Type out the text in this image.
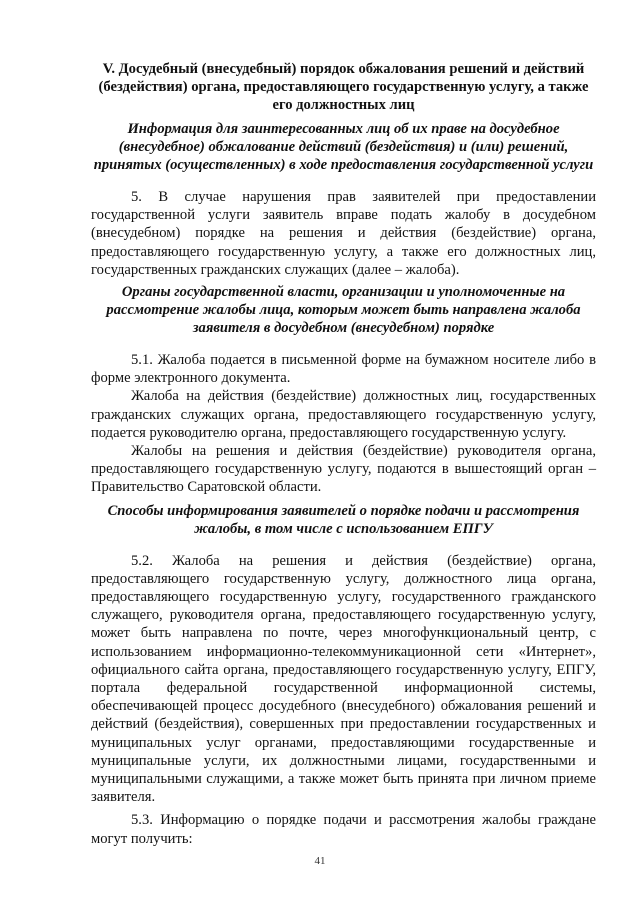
V. Досудебный (внесудебный) порядок обжалования решений и действий (бездействия) органа, предоставляющего государственную услугу, а также его должностных лиц
Информация для заинтересованных лиц об их праве на досудебное (внесудебное) обжалование действий (бездействия) и (или) решений, принятых (осуществленных) в ходе предоставления государственной услуги

5. В случае нарушения прав заявителей при предоставлении государственной услуги заявитель вправе подать жалобу в досудебном (внесудебном) порядке на решения и действия (бездействие) органа, предоставляющего государственную услугу, а также его должностных лиц, государственных гражданских служащих (далее – жалоба).

Органы государственной власти, организации и уполномоченные на рассмотрение жалобы лица, которым может быть направлена жалоба заявителя в досудебном (внесудебном) порядке

5.1. Жалоба подается в письменной форме на бумажном носителе либо в форме электронного документа.

Жалоба на действия (бездействие) должностных лиц, государственных гражданских служащих органа, предоставляющего государственную услугу, подается руководителю органа, предоставляющего государственную услугу.

Жалобы на решения и действия (бездействие) руководителя органа, предоставляющего государственную услугу, подаются в вышестоящий орган – Правительство Саратовской области.

Способы информирования заявителей о порядке подачи и рассмотрения жалобы, в том числе с использованием ЕПГУ

5.2. Жалоба на решения и действия (бездействие) органа, предоставляющего государственную услугу, должностного лица органа, предоставляющего государственную услугу, государственного гражданского служащего, руководителя органа, предоставляющего государственную услугу, может быть направлена по почте, через многофункциональный центр, с использованием информационно-телекоммуникационной сети «Интернет», официального сайта органа, предоставляющего государственную услугу, ЕПГУ, портала федеральной государственной информационной системы, обеспечивающей процесс досудебного (внесудебного) обжалования решений и действий (бездействия), совершенных при предоставлении государственных и муниципальных услуг органами, предоставляющими государственные и муниципальные услуги, их должностными лицами, государственными и муниципальными служащими, а также может быть принята при личном приеме заявителя.

5.3. Информацию о порядке подачи и рассмотрения жалобы граждане могут получить:

41
